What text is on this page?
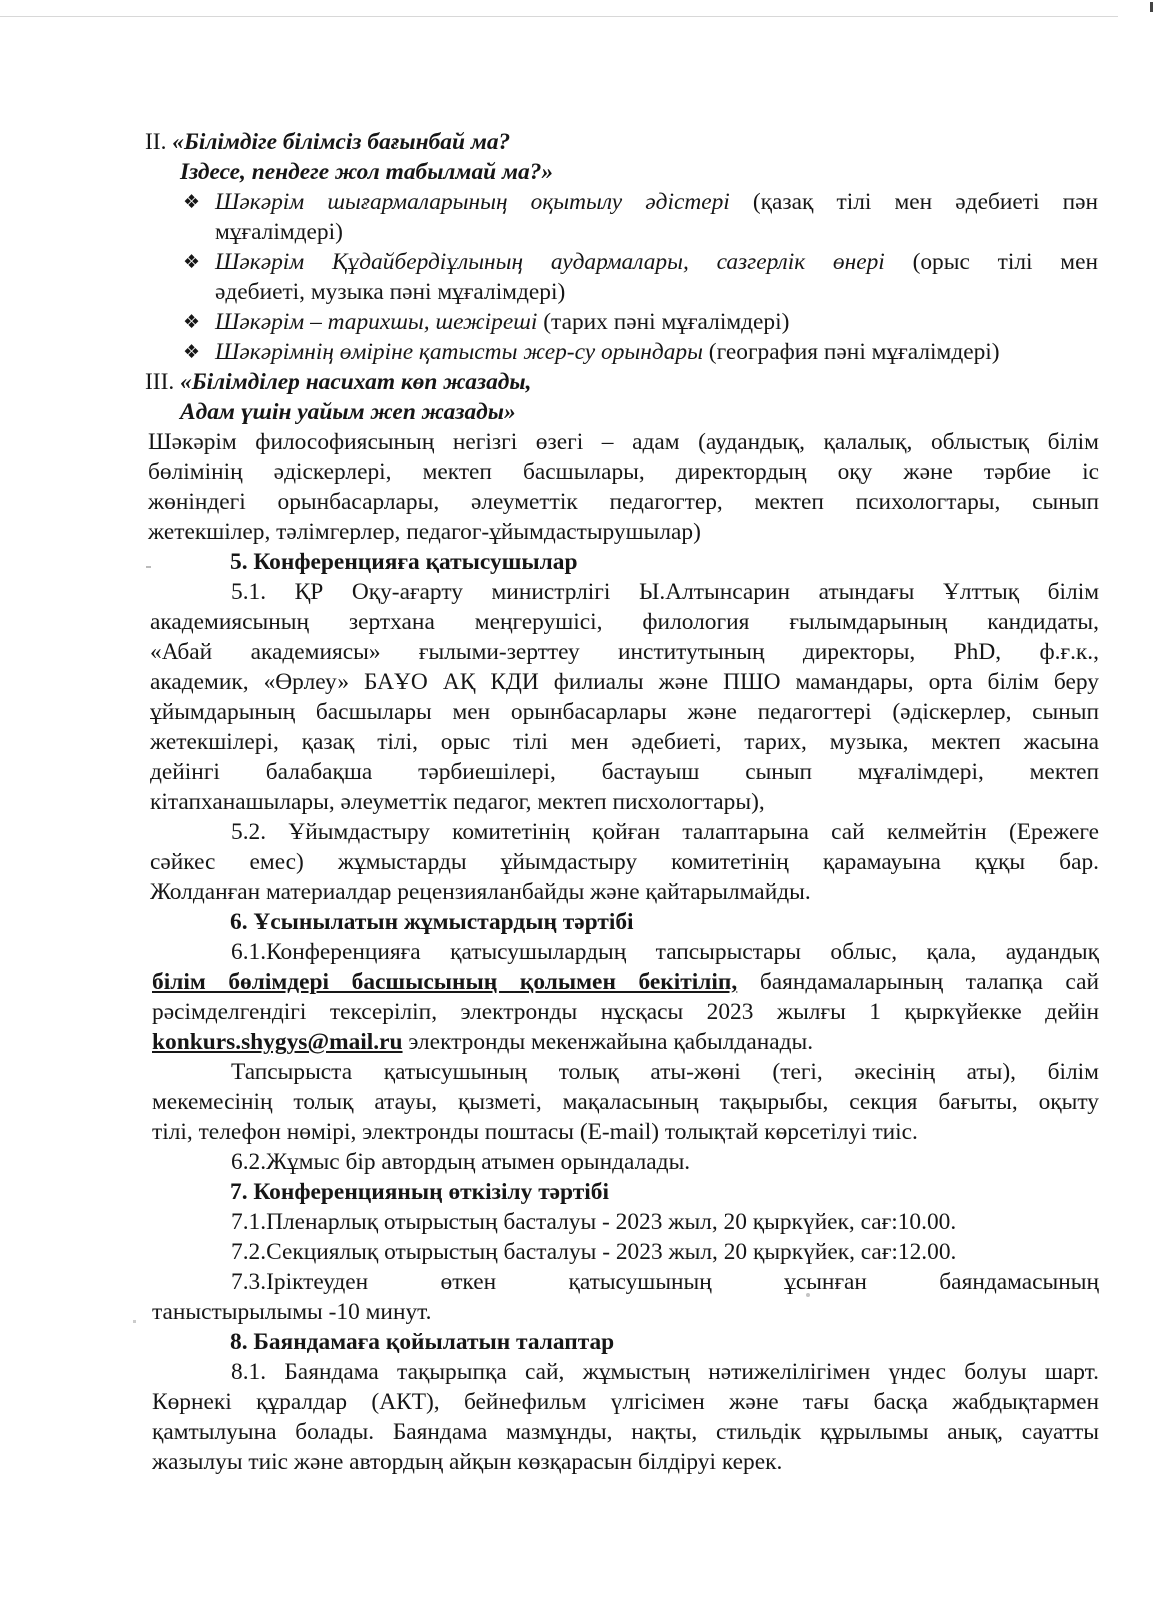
II. «Білімдіге білімсіз бағынбай ма?
Іздесе, пендеге жол табылмай ма?»
❖ Шәкәрім шығармаларының оқытылу әдістері (қазақ тілі мен әдебиеті пән
мұғалімдері)
❖ Шәкәрім Құдайбердіұлының аудармалары, сазгерлік өнері (орыс тілі мен
әдебиеті, музыка пәні мұғалімдері)
❖ Шәкәрім – тарихшы, шежіреші (тарих пәні мұғалімдері)
❖ Шәкәрімнің өміріне қатысты жер-су орындары (география пәні мұғалімдері)
III. «Білімділер насихат көп жазады,
Адам үшін уайым жеп жазады»
Шәкәрім философиясының негізгі өзегі – адам (аудандық, қалалық, облыстық білім
бөлімінің әдіскерлері, мектеп басшылары, директордың оқу және тәрбие іс
жөніндегі орынбасарлары, әлеуметтік педагогтер, мектеп психологтары, сынып
жетекшілер, тәлімгерлер, педагог-ұйымдастырушылар)
5. Конференцияға қатысушылар
5.1. ҚР Оқу-ағарту министрлігі Ы.Алтынсарин атындағы Ұлттық білім
академиясының зертхана меңгерушісі, филология ғылымдарының кандидаты,
«Абай академиясы» ғылыми-зерттеу институтының директоры, PhD, ф.ғ.к.,
академик, «Өрлеу» БАҰО АҚ КДИ филиалы және ПШО мамандары, орта білім беру
ұйымдарының басшылары мен орынбасарлары және педагогтері (әдіскерлер, сынып
жетекшілері, қазақ тілі, орыс тілі мен әдебиеті, тарих, музыка, мектеп жасына
дейінгі балабақша тәрбиешілері, бастауыш сынып мұғалімдері, мектеп
кітапханашылары, әлеуметтік педагог, мектеп писхологтары),
5.2. Ұйымдастыру комитетінің қойған талаптарына сай келмейтін (Ережеге
сәйкес емес) жұмыстарды ұйымдастыру комитетінің қарамауына құқы бар.
Жолданған материалдар рецензияланбайды және қайтарылмайды.
6. Ұсынылатын жұмыстардың тәртібі
6.1.Конференцияға қатысушылардың тапсырыстары облыс, қала, аудандық
білім бөлімдері басшысының қолымен бекітіліп, баяндамаларының талапқа сай
рәсімделгендігі тексеріліп, электронды нұсқасы 2023 жылғы 1 қыркүйекке дейін
konkurs.shygys@mail.ru электронды мекенжайына қабылданады.
Тапсырыста қатысушының толық аты-жөні (тегі, әкесінің аты), білім
мекемесінің толық атауы, қызметі, мақаласының тақырыбы, секция бағыты, оқыту
тілі, телефон нөмірі, электронды поштасы (E-mail) толықтай көрсетілуі тиіс.
6.2.Жұмыс бір автордың атымен орындалады.
7. Конференцияның өткізілу тәртібі
7.1.Пленарлық отырыстың басталуы - 2023 жыл, 20 қыркүйек, сағ:10.00.
7.2.Секциялық отырыстың басталуы - 2023 жыл, 20 қыркүйек, сағ:12.00.
7.3.Іріктеуден өткен қатысушының ұсынған баяндамасының
таныстырылымы -10 минут.
8. Баяндамаға қойылатын талаптар
8.1. Баяндама тақырыпқа сай, жұмыстың нәтижелілігімен үндес болуы шарт.
Көрнекі құралдар (АКТ), бейнефильм үлгісімен және тағы басқа жабдықтармен
қамтылуына болады. Баяндама мазмұнды, нақты, стильдік құрылымы анық, сауатты
жазылуы тиіс және автордың айқын көзқарасын білдіруі керек.
